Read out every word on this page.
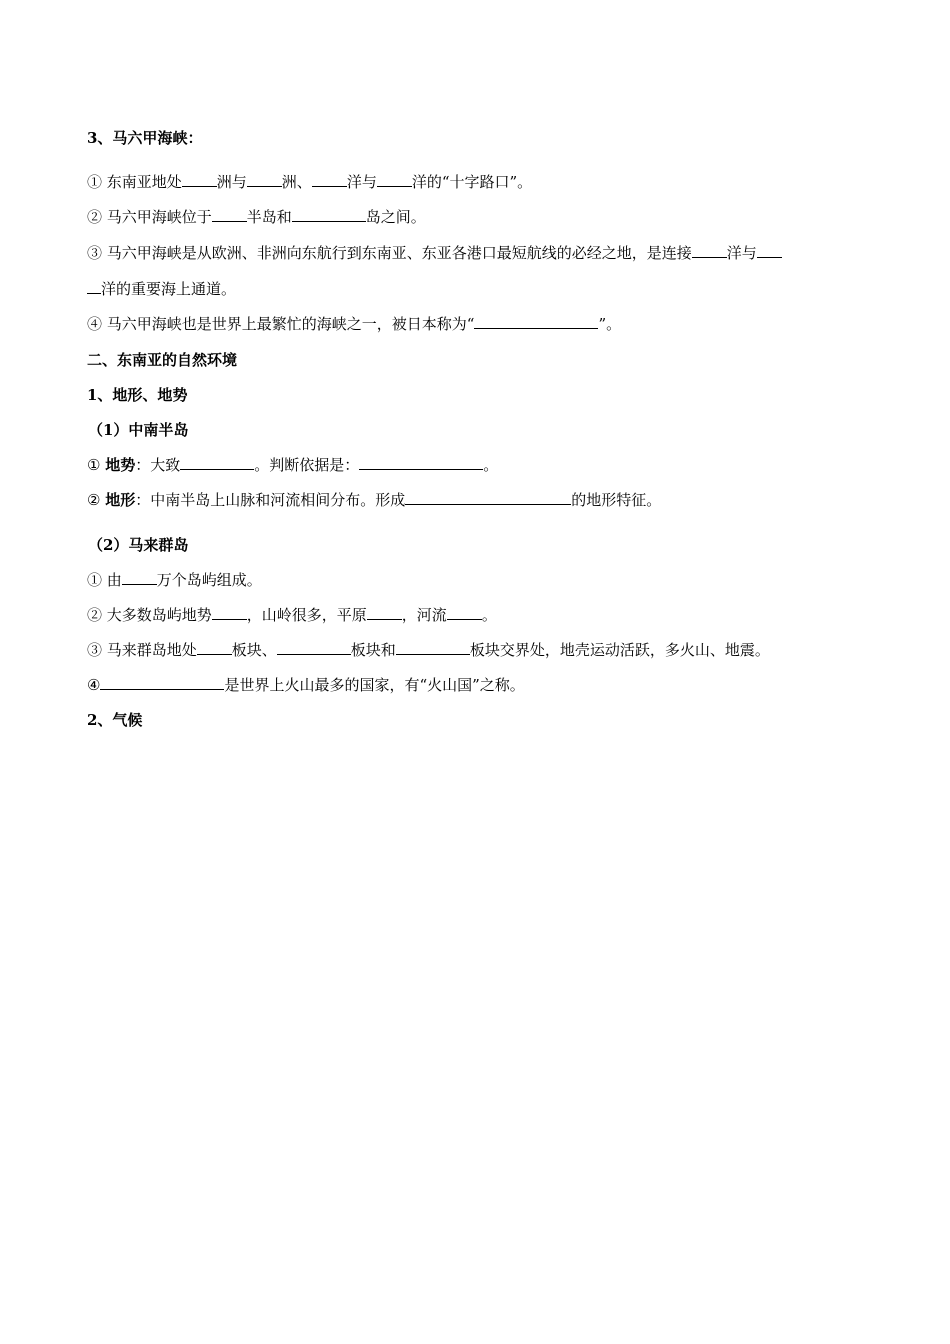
3、马六甲海峡：
① 东南亚地处 洲与 洲、 洋与 洋的“十字路口”。
② 马六甲海峡位于 半岛和	岛之间。
③ 马六甲海峡是从欧洲、非洲向东航行到东南亚、东亚各港口最短航线的必经之地，是连接 洋与
洋的重要海上通道。
④ 马六甲海峡也是世界上最繁忙的海峡之一，被日本称为“	”。
二、东南亚的自然环境
1、地形、地势
（1）中南半岛
① 地势：大致	。判断依据是：	。
② 地形：中南半岛上山脉和河流相间分布。形成	的地形特征。
（2）马来群岛
① 由 万个岛屿组成。
② 大多数岛屿地势 ，山岭很多，平原 ，河流 。
③ 马来群岛地处 板块、	板块和	板块交界处，地壳运动活跃，多火山、地震。
④	是世界上火山最多的国家，有“火山国”之称。
2、气候
